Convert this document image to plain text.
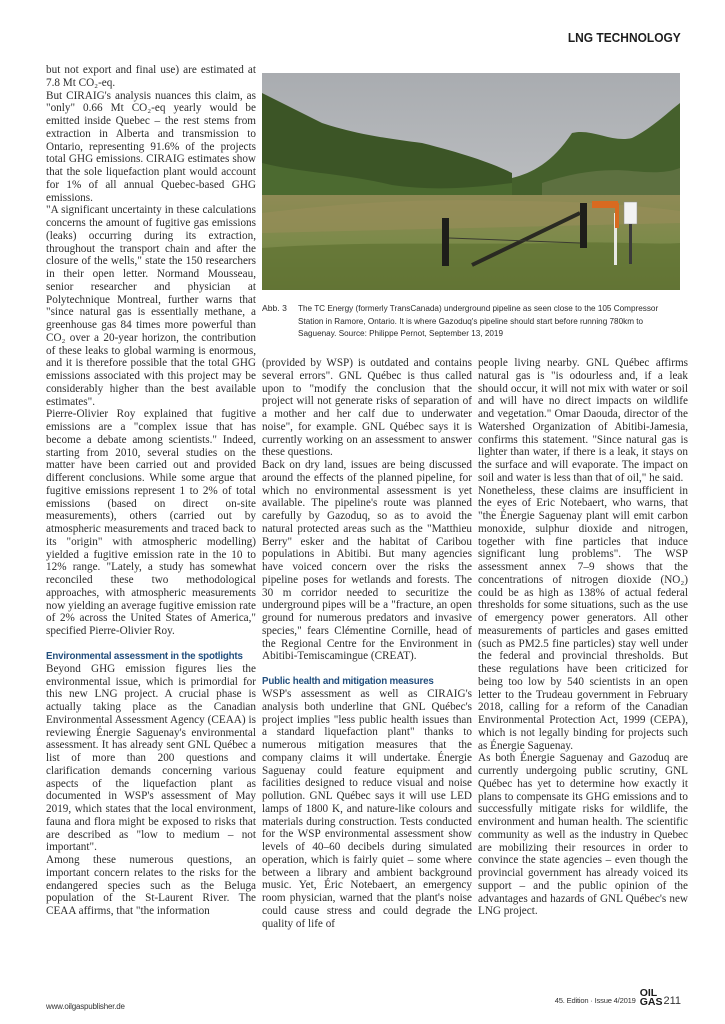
LNG TECHNOLOGY

but not export and final use) are estimated at 7.8 Mt CO₂-eq.

But CIRAIG's analysis nuances this claim, as "only" 0.66 Mt CO₂-eq yearly would be emitted inside Quebec – the rest stems from extraction in Alberta and transmission to Ontario, representing 91.6% of the projects total GHG emissions. CIRAIG estimates show that the sole liquefaction plant would account for 1% of all annual Quebec-based GHG emissions.

"A significant uncertainty in these calculations concerns the amount of fugitive gas emissions (leaks) occurring during its extraction, throughout the transport chain and after the closure of the wells," state the 150 researchers in their open letter. Normand Mousseau, senior researcher and physician at Polytechnique Montreal, further warns that "since natural gas is essentially methane, a greenhouse gas 84 times more powerful than CO₂ over a 20-year horizon, the contribution of these leaks to global warming is enormous, and it is therefore possible that the total GHG emissions associated with this project may be considerably higher than the best available estimates".

Pierre-Olivier Roy explained that fugitive emissions are a "complex issue that has become a debate among scientists." Indeed, starting from 2010, several studies on the matter have been carried out and provided different conclusions. While some argue that fugitive emissions represent 1 to 2% of total emissions (based on direct on-site measurements), others (carried out by atmospheric measurements and traced back to its "origin" with atmospheric modelling) yielded a fugitive emission rate in the 10 to 12% range. "Lately, a study has somewhat reconciled these two methodological approaches, with atmospheric measurements now yielding an average fugitive emission rate of 2% across the United States of America," specified Pierre-Olivier Roy.

Environmental assessment in the spotlights

Beyond GHG emission figures lies the environmental issue, which is primordial for this new LNG project. A crucial phase is actually taking place as the Canadian Environmental Assessment Agency (CEAA) is reviewing Énergie Saguenay's environmental assessment. It has already sent GNL Québec a list of more than 200 questions and clarification demands concerning various aspects of the liquefaction plant as documented in WSP's assessment of May 2019, which states that the local environment, fauna and flora might be exposed to risks that are described as "low to medium – not important".

Among these numerous questions, an important concern relates to the risks for the endangered species such as the Beluga population of the St-Laurent River. The CEAA affirms, that "the information

Abb. 3	The TC Energy (formerly TransCanada) underground pipeline as seen close to the 105 Compressor Station in Ramore, Ontario. It is where Gazoduq's pipeline should start before running 780km to Saguenay. Source: Philippe Pernot, September 13, 2019

(provided by WSP) is outdated and contains several errors". GNL Québec is thus called upon to "modify the conclusion that the project will not generate risks of separation of a mother and her calf due to underwater noise", for example. GNL Québec says it is currently working on an assessment to answer these questions.

Back on dry land, issues are being discussed around the effects of the planned pipeline, for which no environmental assessment is yet available. The pipeline's route was planned carefully by Gazoduq, so as to avoid the natural protected areas such as the "Matthieu Berry" esker and the habitat of Caribou populations in Abitibi. But many agencies have voiced concern over the risks the pipeline poses for wetlands and forests. The 30 m corridor needed to securitize the underground pipes will be a "fracture, an open ground for numerous predators and invasive species," fears Clémentine Cornille, head of the Regional Centre for the Environment in Abitibi-Temiscamingue (CREAT).

Public health and mitigation measures

WSP's assessment as well as CIRAIG's analysis both underline that GNL Québec's project implies "less public health issues than a standard liquefaction plant" thanks to numerous mitigation measures that the company claims it will undertake. Énergie Saguenay could feature equipment and facilities designed to reduce visual and noise pollution. GNL Québec says it will use LED lamps of 1800 K, and nature-like colours and materials during construction. Tests conducted for the WSP environmental assessment show levels of 40–60 decibels during simulated operation, which is fairly quiet – some where between a library and ambient background music. Yet, Éric Notebaert, an emergency room physician, warned that the plant's noise could cause stress and could degrade the quality of life of

people living nearby. GNL Québec affirms natural gas is "is odourless and, if a leak should occur, it will not mix with water or soil and will have no direct impacts on wildlife and vegetation." Omar Daouda, director of the Watershed Organization of Abitibi-Jamesia, confirms this statement. "Since natural gas is lighter than water, if there is a leak, it stays on the surface and will evaporate. The impact on soil and water is less than that of oil," he said.

Nonetheless, these claims are insufficient in the eyes of Eric Notebaert, who warns, that "the Énergie Saguenay plant will emit carbon monoxide, sulphur dioxide and nitrogen, together with fine particles that induce significant lung problems". The WSP assessment annex 7–9 shows that the concentrations of nitrogen dioxide (NO₂) could be as high as 138% of actual federal thresholds for some situations, such as the use of emergency power generators. All other measurements of particles and gases emitted (such as PM2.5 fine particles) stay well under the federal and provincial thresholds. But these regulations have been criticized for being too low by 540 scientists in an open letter to the Trudeau government in February 2018, calling for a reform of the Canadian Environmental Protection Act, 1999 (CEPA), which is not legally binding for projects such as Énergie Saguenay.

As both Énergie Saguenay and Gazoduq are currently undergoing public scrutiny, GNL Québec has yet to determine how exactly it plans to compensate its GHG emissions and to successfully mitigate risks for wildlife, the environment and human health. The scientific community as well as the industry in Quebec are mobilizing their resources in order to convince the state agencies – even though the provincial government has already voiced its support – and the public opinion of the advantages and hazards of GNL Québec's new LNG project.

www.oilgaspublisher.de
45. Edition · Issue 4/2019
OIL
GAS 211
